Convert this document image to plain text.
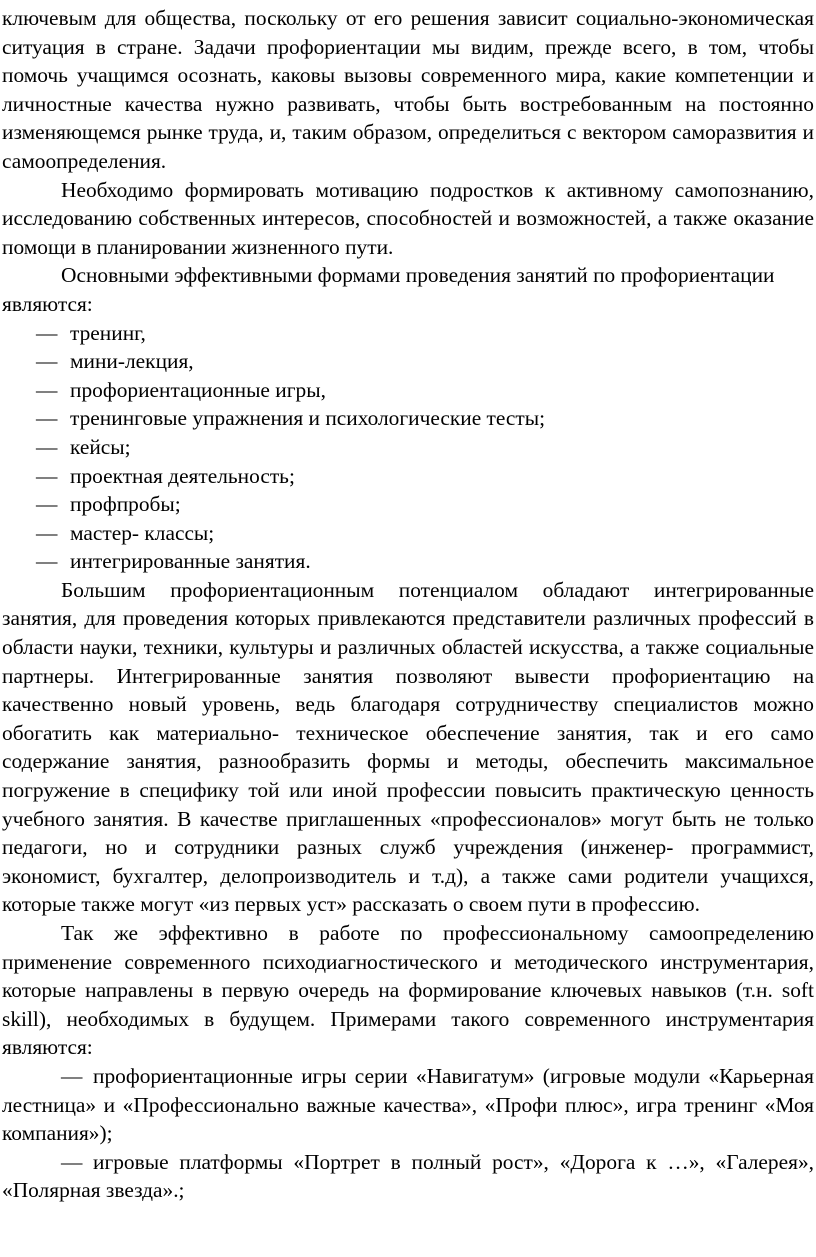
ключевым для общества, поскольку от его решения зависит социально-экономическая ситуация в стране. Задачи профориентации мы видим, прежде всего, в том, чтобы помочь учащимся осознать, каковы вызовы современного мира, какие компетенции и личностные качества нужно развивать, чтобы быть востребованным на постоянно изменяющемся рынке труда, и, таким образом, определиться с вектором саморазвития и самоопределения.

Необходимо формировать мотивацию подростков к активному самопознанию, исследованию собственных интересов, способностей и возможностей, а также оказание помощи в планировании жизненного пути.

Основными эффективными формами проведения занятий по профориентации являются:

— тренинг,
— мини-лекция,
— профориентационные игры,
— тренинговые упражнения и психологические тесты;
— кейсы;
— проектная деятельность;
— профпробы;
— мастер- классы;
— интегрированные занятия.

Большим профориентационным потенциалом обладают интегрированные занятия, для проведения которых привлекаются представители различных профессий в области науки, техники, культуры и различных областей искусства, а также социальные партнеры. Интегрированные занятия позволяют вывести профориентацию на качественно новый уровень, ведь благодаря сотрудничеству специалистов можно обогатить как материально- техническое обеспечение занятия, так и его само содержание занятия, разнообразить формы и методы, обеспечить максимальное погружение в специфику той или иной профессии повысить практическую ценность учебного занятия. В качестве приглашенных «профессионалов» могут быть не только педагоги, но и сотрудники разных служб учреждения (инженер- программист, экономист, бухгалтер, делопроизводитель и т.д), а также сами родители учащихся, которые также могут «из первых уст» рассказать о своем пути в профессию.

Так же эффективно в работе по профессиональному самоопределению применение современного психодиагностического и методического инструментария, которые направлены в первую очередь на формирование ключевых навыков (т.н. soft skill), необходимых в будущем. Примерами такого современного инструментария являются:

— профориентационные игры серии «Навигатум» (игровые модули «Карьерная лестница» и «Профессионально важные качества», «Профи плюс», игра тренинг «Моя компания»);

— игровые платформы «Портрет в полный рост», «Дорога к …», «Галерея», «Полярная звезда».;
